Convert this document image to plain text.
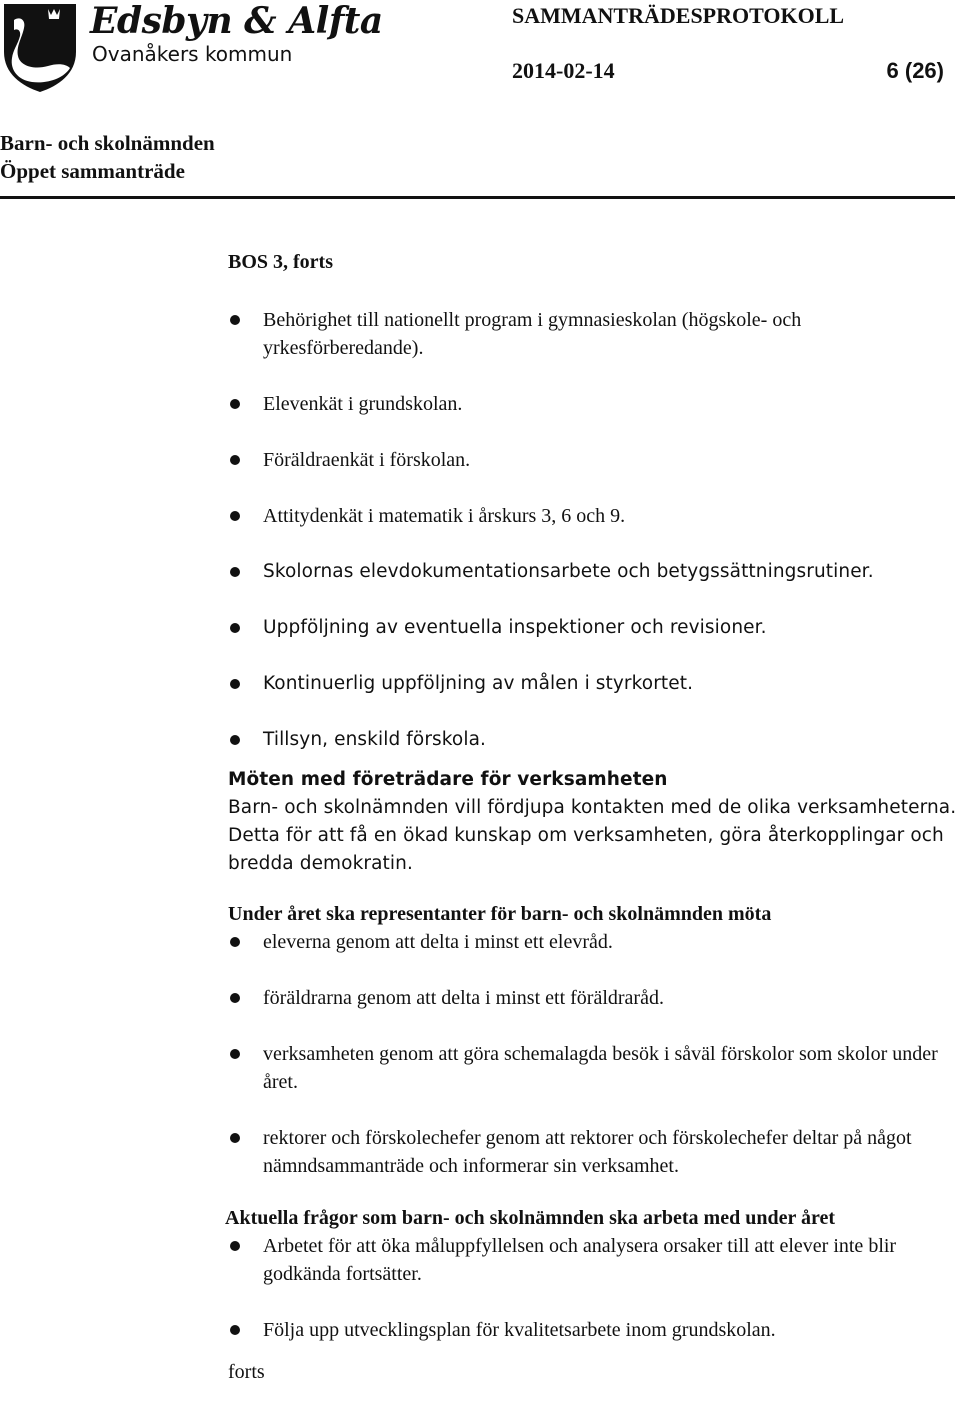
Edsbyn & Alfta
Ovanåkers kommun
SAMMANTRÄDESPROTOKOLL
2014-02-14	6 (26)
Barn- och skolnämnden
Öppet sammanträde
BOS 3, forts
Behörighet till nationellt program i gymnasieskolan (högskole- och yrkesförberedande).
Elevenkät i grundskolan.
Föräldraenkät i förskolan.
Attitydenkät i matematik i årskurs 3, 6 och 9.
Skolornas elevdokumentationsarbete och betygssättningsrutiner.
Uppföljning av eventuella inspektioner och revisioner.
Kontinuerlig uppföljning av målen i styrkortet.
Tillsyn, enskild förskola.
Möten med företrädare för verksamheten
Barn- och skolnämnden vill fördjupa kontakten med de olika verksamheterna. Detta för att få en ökad kunskap om verksamheten, göra återkopplingar och bredda demokratin.
Under året ska representanter för barn- och skolnämnden möta
eleverna genom att delta i minst ett elevråd.
föräldrarna genom att delta i minst ett föräldraråd.
verksamheten genom att göra schemalagda besök i såväl förskolor som skolor under året.
rektorer och förskolechefer genom att rektorer och förskolechefer deltar på något nämndsammanträde och informerar sin verksamhet.
Aktuella frågor som barn- och skolnämnden ska arbeta med under året
Arbetet för att öka måluppfyllelsen och analysera orsaker till att elever inte blir godkända fortsätter.
Följa upp utvecklingsplan för kvalitetsarbete inom grundskolan.
forts
